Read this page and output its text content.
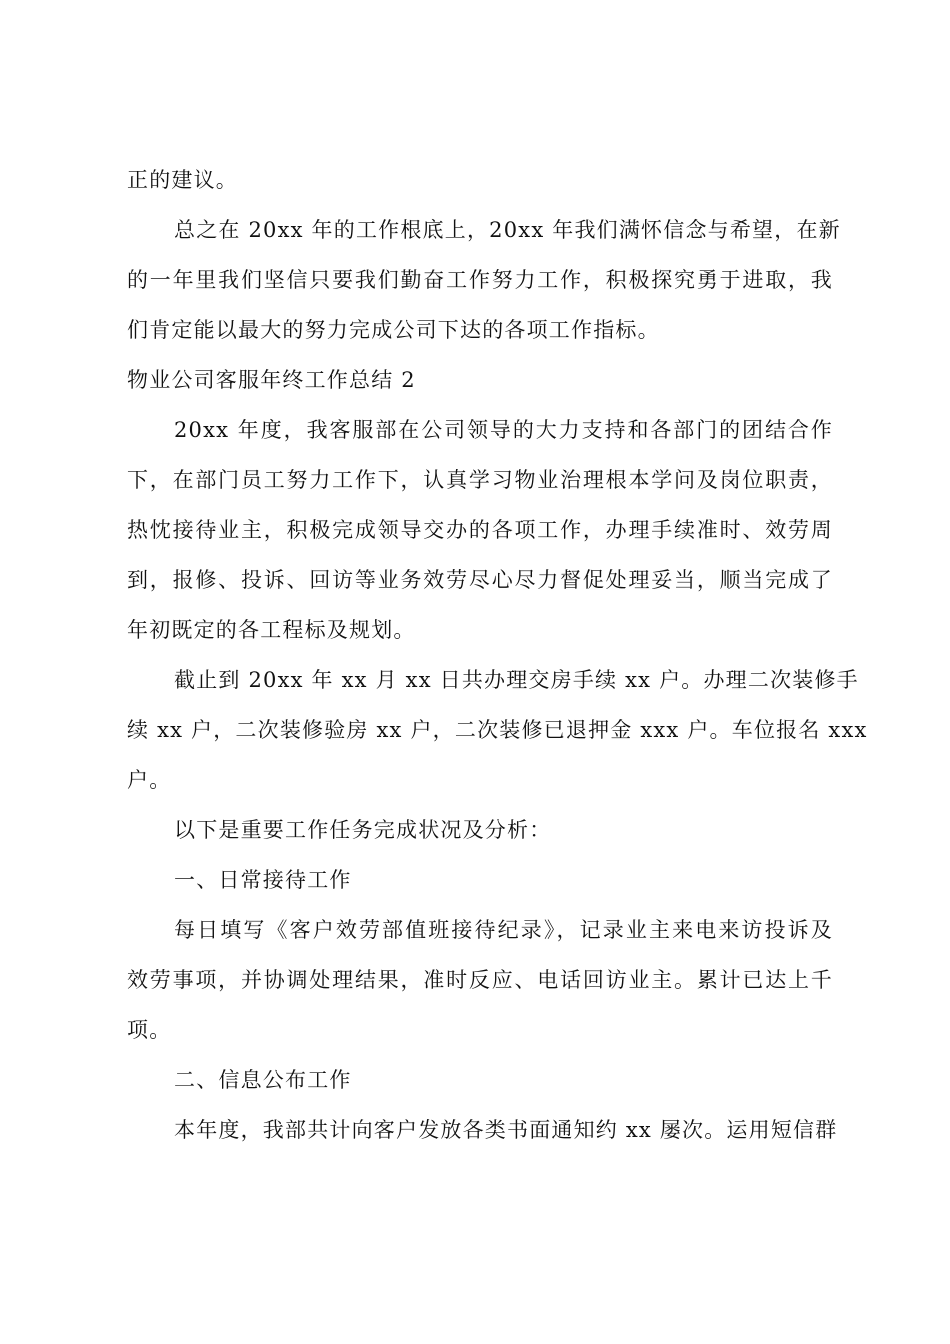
正的建议。
总之在 20xx 年的工作根底上，20xx 年我们满怀信念与希望，在新
的一年里我们坚信只要我们勤奋工作努力工作，积极探究勇于进取，我
们肯定能以最大的努力完成公司下达的各项工作指标。
物业公司客服年终工作总结 2
20xx 年度，我客服部在公司领导的大力支持和各部门的团结合作
下，在部门员工努力工作下，认真学习物业治理根本学问及岗位职责，
热忱接待业主，积极完成领导交办的各项工作，办理手续准时、效劳周
到，报修、投诉、回访等业务效劳尽心尽力督促处理妥当，顺当完成了
年初既定的各工程标及规划。
截止到 20xx 年 xx 月 xx 日共办理交房手续 xx 户。办理二次装修手
续 xx 户，二次装修验房 xx 户，二次装修已退押金 xxx 户。车位报名 xxx
户。
以下是重要工作任务完成状况及分析：
一、日常接待工作
每日填写《客户效劳部值班接待纪录》，记录业主来电来访投诉及
效劳事项，并协调处理结果，准时反应、电话回访业主。累计已达上千
项。
二、信息公布工作
本年度，我部共计向客户发放各类书面通知约 xx 屡次。运用短信群
